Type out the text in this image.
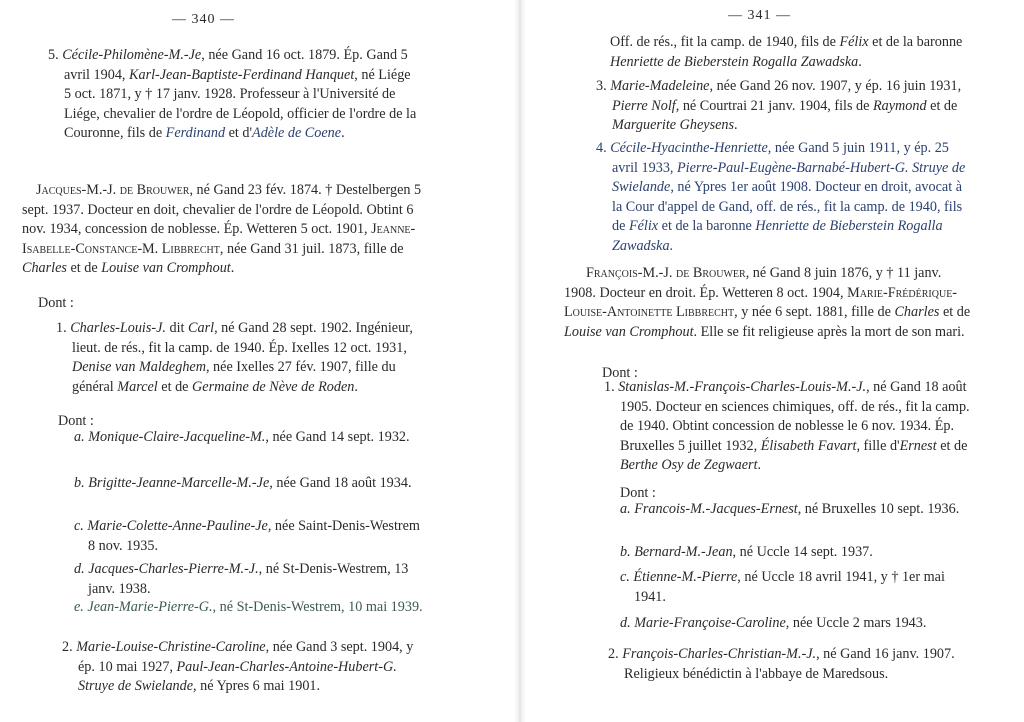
— 340 —

5. Cécile-Philomène-M.-Je, née Gand 16 oct. 1879. Ép. Gand 5 avril 1904, Karl-Jean-Baptiste-Ferdinand Hanquet, né Liége 5 oct. 1871, y † 17 janv. 1928. Professeur à l'Université de Liége, chevalier de l'ordre de Léopold, officier de l'ordre de la Couronne, fils de Ferdinand et d'Adèle de Coene.

Jacques-M.-J. de Brouwer, né Gand 23 fév. 1874. † Destelbergen 5 sept. 1937. Docteur en doit, chevalier de l'ordre de Léopold. Obtint 6 nov. 1934, concession de noblesse. Ép. Wetteren 5 oct. 1901, Jeanne-Isabelle-Constance-M. Libbrecht, née Gand 31 juil. 1873, fille de Charles et de Louise van Cromphout.

Dont :

1. Charles-Louis-J. dit Carl, né Gand 28 sept. 1902. Ingénieur, lieut. de rés., fit la camp. de 1940. Ép. Ixelles 12 oct. 1931, Denise van Maldeghem, née Ixelles 27 fév. 1907, fille du général Marcel et de Germaine de Nève de Roden.

Dont :

a. Monique-Claire-Jacqueline-M., née Gand 14 sept. 1932.

b. Brigitte-Jeanne-Marcelle-M.-Je, née Gand 18 août 1934.

c. Marie-Colette-Anne-Pauline-Je, née Saint-Denis-Westrem 8 nov. 1935.

d. Jacques-Charles-Pierre-M.-J., né St-Denis-Westrem, 13 janv. 1938.

e. Jean-Marie-Pierre-G., né St-Denis-Westrem, 10 mai 1939.

2. Marie-Louise-Christine-Caroline, née Gand 3 sept. 1904, y ép. 10 mai 1927, Paul-Jean-Charles-Antoine-Hubert-G. Struye de Swielande, né Ypres 6 mai 1901.

— 341 —

Off. de rés., fit la camp. de 1940, fils de Félix et de la baronne Henriette de Bieberstein Rogalla Zawadska.

3. Marie-Madeleine, née Gand 26 nov. 1907, y ép. 16 juin 1931, Pierre Nolf, né Courtrai 21 janv. 1904, fils de Raymond et de Marguerite Gheysens.

4. Cécile-Hyacinthe-Henriette, née Gand 5 juin 1911, y ép. 25 avril 1933, Pierre-Paul-Eugène-Barnabé-Hubert-G. Struye de Swielande, né Ypres 1er août 1908. Docteur en droit, avocat à la Cour d'appel de Gand, off. de rés., fit la camp. de 1940, fils de Félix et de la baronne Henriette de Bieberstein Rogalla Zawadska.

François-M.-J. de Brouwer, né Gand 8 juin 1876, y † 11 janv. 1908. Docteur en droit. Ép. Wetteren 8 oct. 1904, Marie-Frédérique-Louise-Antoinette Libbrecht, y née 6 sept. 1881, fille de Charles et de Louise van Cromphout. Elle se fit religieuse après la mort de son mari.

Dont :

1. Stanislas-M.-François-Charles-Louis-M.-J., né Gand 18 août 1905. Docteur en sciences chimiques, off. de rés., fit la camp. de 1940. Obtint concession de noblesse le 6 nov. 1934. Ép. Bruxelles 5 juillet 1932, Élisabeth Favart, fille d'Ernest et de Berthe Osy de Zegwaert.

Dont :

a. Francois-M.-Jacques-Ernest, né Bruxelles 10 sept. 1936.

b. Bernard-M.-Jean, né Uccle 14 sept. 1937.

c. Étienne-M.-Pierre, né Uccle 18 avril 1941, y † 1er mai 1941.

d. Marie-Françoise-Caroline, née Uccle 2 mars 1943.

2. François-Charles-Christian-M.-J., né Gand 16 janv. 1907. Religieux bénédictin à l'abbaye de Maredsous.
